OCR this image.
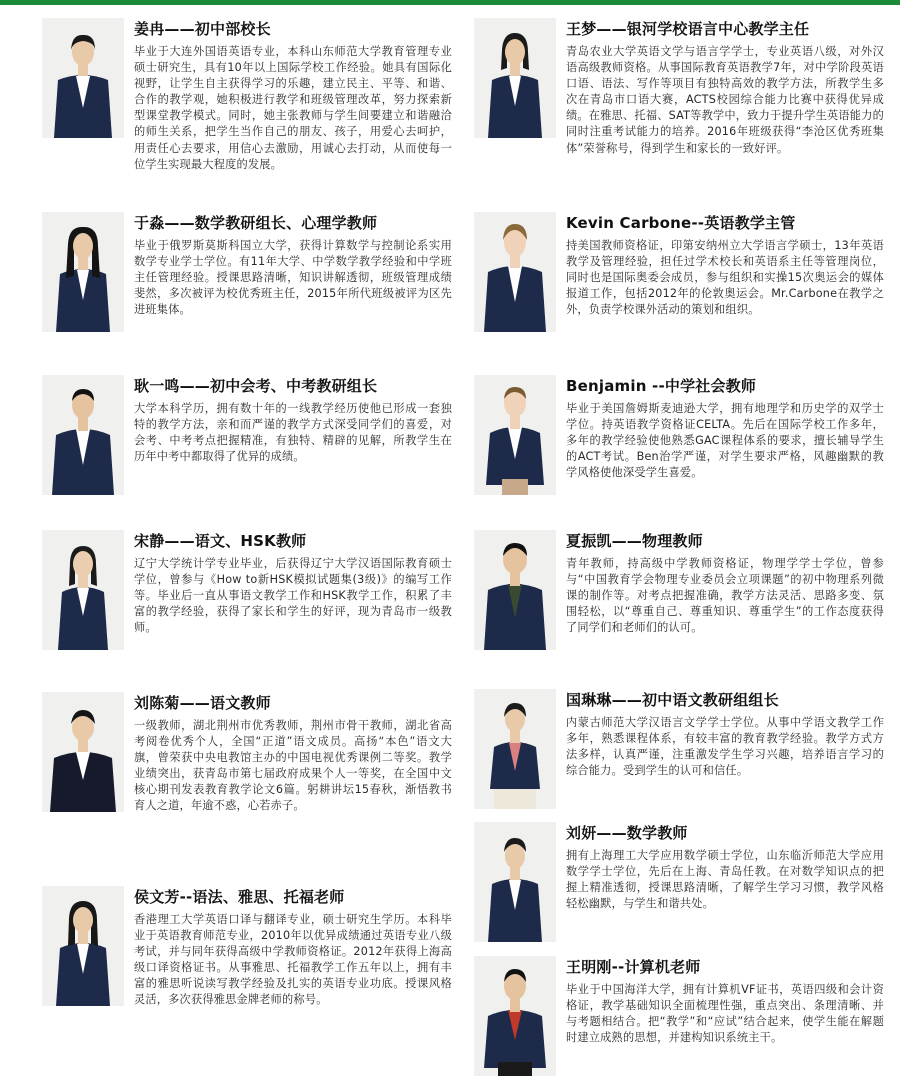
姜冉——初中部校长
毕业于大连外国语英语专业，本科山东师范大学教育管理专业硕士研究生，具有10年以上国际学校工作经验。她具有国际化视野，让学生自主获得学习的乐趣，建立民主、平等、和谐、合作的教学观，她积极进行教学和班级管理改革，努力探索新型课堂教学模式。同时，她主张教师与学生间要建立和谐融洽的师生关系，把学生当作自己的朋友、孩子，用爱心去呵护，用责任心去要求，用信心去激励，用诚心去打动，从而使每一位学生实现最大程度的发展。
于淼——数学教研组长、心理学教师
毕业于俄罗斯莫斯科国立大学，获得计算数学与控制论系实用数学专业学士学位。有11年大学、中学数学教学经验和中学班主任管理经验。授课思路清晰，知识讲解透彻，班级管理成绩斐然，多次被评为校优秀班主任，2015年所代班级被评为区先进班集体。
耿一鸣——初中会考、中考教研组长
大学本科学历，拥有数十年的一线教学经历使他已形成一套独特的教学方法，亲和而严谨的教学方式深受同学们的喜爱，对会考、中考考点把握精准，有独特、精辟的见解，所教学生在历年中考中都取得了优异的成绩。
宋静——语文、HSK教师
辽宁大学统计学专业毕业，后获得辽宁大学汉语国际教育硕士学位，曾参与《How to新HSK模拟试题集(3级)》的编写工作等。毕业后一直从事语文教学工作和HSK教学工作，积累了丰富的教学经验，获得了家长和学生的好评，现为青岛市一级教师。
刘陈菊——语文教师
一级教师，湖北荆州市优秀教师，荆州市骨干教师，湖北省高考阅卷优秀个人，全国“正道”语文成员。高扬“本色”语文大旗，曾荣获中央电教馆主办的中国电视优秀课例二等奖。教学业绩突出，获青岛市第七届政府成果个人一等奖，在全国中文核心期刊发表教育教学论文6篇。躬耕讲坛15春秋，渐悟教书育人之道，年逾不惑，心若赤子。
侯文芳--语法、雅思、托福老师
香港理工大学英语口译与翻译专业，硕士研究生学历。本科毕业于英语教育师范专业，2010年以优异成绩通过英语专业八级考试，并与同年获得高级中学教师资格证。2012年获得上海高级口译资格证书。从事雅思、托福教学工作五年以上，拥有丰富的雅思听说读写教学经验及扎实的英语专业功底。授课风格灵活，多次获得雅思金牌老师的称号。
王梦——银河学校语言中心教学主任
青岛农业大学英语文学与语言学学士，专业英语八级，对外汉语高级教师资格。从事国际教育英语教学7年，对中学阶段英语口语、语法、写作等项目有独特高效的教学方法，所教学生多次在青岛市口语大赛，ACTS校园综合能力比赛中获得优异成绩。在雅思、托福、SAT等教学中，致力于提升学生英语能力的同时注重考试能力的培养。2016年班级获得“李沧区优秀班集体”荣誉称号，得到学生和家长的一致好评。
Kevin Carbone--英语教学主管
持美国教师资格证，印第安纳州立大学语言学硕士，13年英语教学及管理经验，担任过学术校长和英语系主任等管理岗位，同时也是国际奥委会成员，参与组织和实操15次奥运会的媒体报道工作，包括2012年的伦敦奥运会。Mr.Carbone在教学之外，负责学校课外活动的策划和组织。
Benjamin --中学社会教师
毕业于美国詹姆斯麦迪逊大学，拥有地理学和历史学的双学士学位。持英语教学资格证CELTA。先后在国际学校工作多年，多年的教学经验使他熟悉GAC课程体系的要求，擅长辅导学生的ACT考试。Ben治学严谨，对学生要求严格，风趣幽默的教学风格使他深受学生喜爱。
夏振凯——物理教师
青年教师，持高级中学教师资格证，物理学学士学位，曾参与“中国教育学会物理专业委员会立项课题”的初中物理系列微课的制作等。对考点把握准确，教学方法灵活、思路多变、氛围轻松，以“尊重自己、尊重知识、尊重学生”的工作态度获得了同学们和老师们的认可。
国琳琳——初中语文教研组组长
内蒙古师范大学汉语言文学学士学位。从事中学语文教学工作多年，熟悉课程体系，有较丰富的教育教学经验。教学方式方法多样，认真严谨，注重激发学生学习兴趣，培养语言学习的综合能力。受到学生的认可和信任。
刘妍——数学教师
拥有上海理工大学应用数学硕士学位，山东临沂师范大学应用数学学士学位，先后在上海、青岛任教。在对数学知识点的把握上精准透彻，授课思路清晰，了解学生学习习惯，教学风格轻松幽默，与学生和谐共处。
王明刚--计算机老师
毕业于中国海洋大学，拥有计算机VF证书，英语四级和会计资格证，教学基础知识全面梳理性强，重点突出、条理清晰、并与考题相结合。把“教学”和“应试”结合起来，使学生能在解题时建立成熟的思想，并建构知识系统主干。
